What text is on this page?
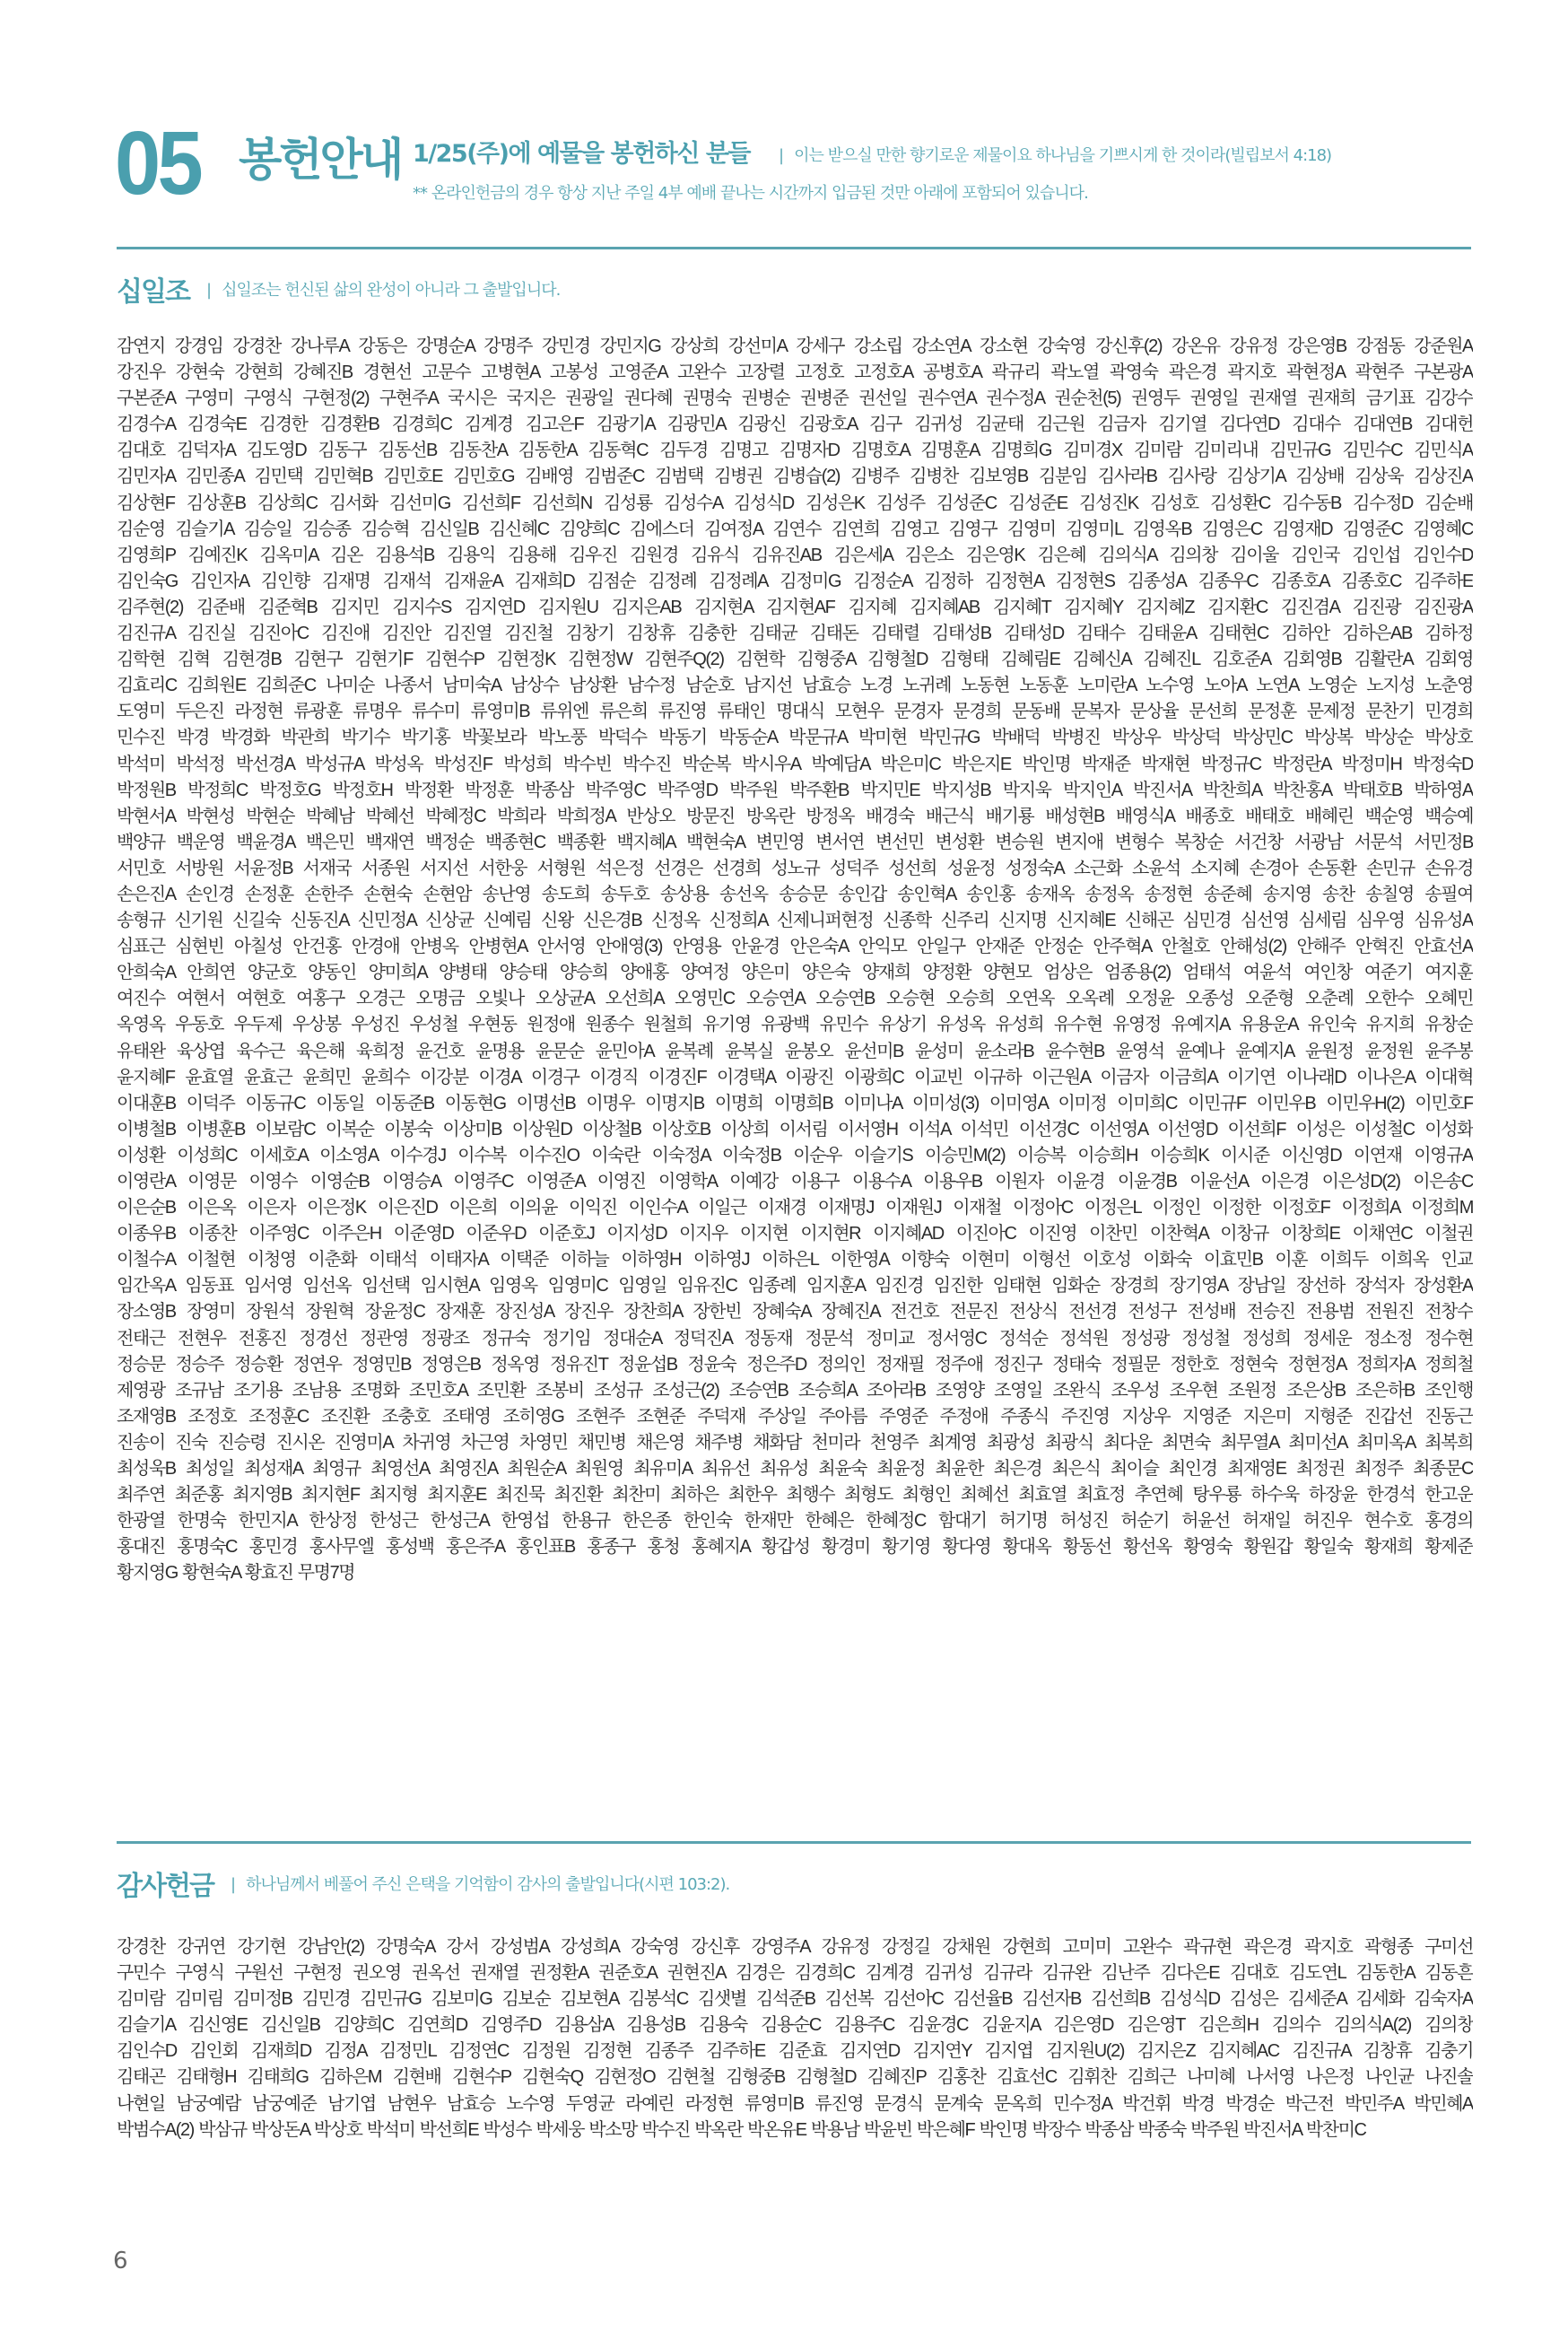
05 봉헌안내 1/25(주)에 예물을 봉헌하신 분들 | 이는 받으실 만한 향기로운 제물이요 하나님을 기쁘시게 한 것이라(빌립보서 4:18)
** 온라인헌금의 경우 항상 지난 주일 4부 예배 끝나는 시간까지 입금된 것만 아래에 포함되어 있습니다.
십일조 | 십일조는 헌신된 삶의 완성이 아니라 그 출발입니다.
감연지 강경임 강경찬 강나루A 강동은 강명순A 강명주 강민경 강민지G 강상희 강선미A 강세구 강소립 강소연A 강소현 강숙영 강신후(2) 강온유 강유정 강은영B 강점동 강준원A
강진우 강현숙 강현희 강혜진B 경현선 고문수 고병현A 고봉성 고영준A 고완수 고장렬 고정호 고정호A 공병호A 곽규리 곽노열 곽영숙 곽은경 곽지호 곽현정A 곽현주 구본광A
구본준A 구영미 구영식 구현정(2) 구현주A 국시은 국지은 권광일 권다혜 권명숙 권병순 권병준 권선일 권수연A 권수정A 권순천(5) 권영두 권영일 권재열 권재희 금기표 김강수
김경수A 김경숙E 김경한 김경환B 김경희C 김계경 김고은F 김광기A 김광민A 김광신 김광호A 김구 김귀성 김균태 김근원 김금자 김기열 김다연D 김대수 김대연B 김대헌
김대호 김덕자A 김도영D 김동구 김동선B 김동찬A 김동한A 김동혁C 김두경 김명고 김명자D 김명호A 김명훈A 김명희G 김미경X 김미람 김미리내 김민규G 김민수C 김민식A
김민자A 김민종A 김민택 김민혁B 김민호E 김민호G 김배영 김범준C 김범택 김병권 김병습(2) 김병주 김병찬 김보영B 김분임 김사라B 김사랑 김상기A 김상배 김상욱 김상진A
김상현F 김상훈B 김상희C 김서화 김선미G 김선희F 김선희N 김성룡 김성수A 김성식D 김성은K 김성주 김성준C 김성준E 김성진K 김성호 김성환C 김수동B 김수정D 김순배
김순영 김슬기A 김승일 김승종 김승혁 김신일B 김신혜C 김양희C 김에스더 김여정A 김연수 김연희 김영고 김영구 김영미 김영미L 김영옥B 김영은C 김영재D 김영준C 김영혜C
김영희P 김예진K 김옥미A 김온 김용석B 김용익 김용해 김우진 김원경 김유식 김유진AB 김은세A 김은소 김은영K 김은혜 김의식A 김의창 김이울 김인국 김인섭 김인수D
김인숙G 김인자A 김인향 김재명 김재석 김재윤A 김재희D 김점순 김정례 김정례A 김정미G 김정순A 김정하 김정현A 김정현S 김종성A 김종우C 김종호A 김종호C 김주하E
김주현(2) 김준배 김준혁B 김지민 김지수S 김지연D 김지원U 김지은AB 김지현A 김지현AF 김지혜 김지혜AB 김지혜T 김지혜Y 김지혜Z 김지환C 김진겸A 김진광 김진광A
김진규A 김진실 김진아C 김진애 김진안 김진열 김진철 김창기 김창휴 김충한 김태균 김태돈 김태렬 김태성B 김태성D 김태수 김태윤A 김태현C 김하안 김하은AB 김하정
김학현 김혁 김현경B 김현구 김현기F 김현수P 김현정K 김현정W 김현주Q(2) 김현학 김형중A 김형철D 김형태 김혜림E 김혜신A 김혜진L 김호준A 김회영B 김활란A 김회영
김효리C 김희원E 김희준C 나미순 나종서 남미숙A 남상수 남상환 남수정 남순호 남지선 남효승 노경 노귀례 노동현 노동훈 노미란A 노수영 노아A 노연A 노영순 노지성 노춘영
도영미 두은진 라정현 류광훈 류명우 류수미 류영미B 류위엔 류은희 류진영 류태인 명대식 모현우 문경자 문경희 문동배 문복자 문상율 문선희 문정훈 문제정 문찬기 민경희
민수진 박경 박경화 박관희 박기수 박기홍 박꽃보라 박노풍 박덕수 박동기 박동순A 박문규A 박미현 박민규G 박배덕 박병진 박상우 박상덕 박상민C 박상복 박상순 박상호
박석미 박석정 박선경A 박성규A 박성옥 박성진F 박성희 박수빈 박수진 박순복 박시우A 박예담A 박은미C 박은지E 박인명 박재준 박재현 박정규C 박정란A 박정미H 박정숙D
박정원B 박정희C 박정호G 박정호H 박정환 박정훈 박종삼 박주영C 박주영D 박주원 박주환B 박지민E 박지성B 박지욱 박지인A 박진서A 박찬희A 박찬홍A 박태호B 박하영A
박현서A 박현성 박현순 박혜남 박혜선 박혜정C 박희라 박희정A 반상오 방문진 방옥란 방정옥 배경숙 배근식 배기룡 배성현B 배영식A 배종호 배태호 배혜린 백순영 백승예
백양규 백운영 백윤경A 백은민 백재연 백정순 백종현C 백종환 백지혜A 백현숙A 변민영 변서연 변선민 변성환 변승원 변지애 변형수 복창순 서건창 서광남 서문석 서민정B
서민호 서방원 서윤정B 서재국 서종원 서지선 서한웅 서형원 석은정 선경은 선경희 성노규 성덕주 성선희 성윤정 성정숙A 소근화 소윤석 소지혜 손경아 손동환 손민규 손유경
손은진A 손인경 손정훈 손한주 손현숙 손현암 송난영 송도희 송두호 송상용 송선옥 송승문 송인갑 송인혁A 송인홍 송재옥 송정옥 송정현 송준혜 송지영 송찬 송칠영 송필여
송형규 신기원 신길숙 신동진A 신민정A 신상균 신예림 신왕 신은경B 신정옥 신정희A 신제니퍼현정 신종학 신주리 신지명 신지혜E 신해곤 심민경 심선영 심세림 심우영 심유성A
심표근 심현빈 아칠성 안건홍 안경애 안병옥 안병현A 안서영 안애영(3) 안영용 안윤경 안은숙A 안익모 안일구 안재준 안정순 안주혁A 안철호 안해성(2) 안해주 안혁진 안효선A
안희숙A 안희연 양군호 양동인 양미희A 양병태 양승태 양승희 양애홍 양여정 양은미 양은숙 양재희 양정환 양현모 엄상은 엄종용(2) 엄태석 여윤석 여인창 여준기 여지훈
여진수 여현서 여현호 여홍구 오경근 오명금 오빛나 오상균A 오선희A 오영민C 오승연A 오승연B 오승현 오승희 오연옥 오옥례 오정윤 오종성 오준형 오춘례 오한수 오혜민
옥영옥 우동호 우두제 우상봉 우성진 우성철 우현동 원정애 원종수 원철희 유기영 유광백 유민수 유상기 유성옥 유성희 유수현 유영정 유예지A 유용운A 유인숙 유지희 유창순
유태완 육상엽 육수근 육은해 육희정 윤건호 윤명용 윤문순 윤민아A 윤복례 윤복실 윤봉오 윤선미B 윤성미 윤소라B 윤수현B 윤영석 윤예나 윤예지A 윤원정 윤정원 윤주봉
윤지혜F 윤효열 윤효근 윤희민 윤희수 이강분 이경A 이경구 이경직 이경진F 이경택A 이광진 이광희C 이교빈 이규하 이근원A 이금자 이금희A 이기연 이나래D 이나은A 이대혁
이대훈B 이덕주 이동규C 이동일 이동준B 이동현G 이명선B 이명우 이명지B 이명희 이명희B 이미나A 이미성(3) 이미영A 이미정 이미희C 이민규F 이민우B 이민우H(2) 이민호F
이병철B 이병훈B 이보람C 이복순 이봉숙 이상미B 이상원D 이상철B 이상호B 이상희 이서림 이서영H 이석A 이석민 이선경C 이선영A 이선영D 이선희F 이성은 이성철C 이성화
이성환 이성희C 이세호A 이소영A 이수경J 이수복 이수진O 이숙란 이숙정A 이숙정B 이순우 이슬기S 이승민M(2) 이승복 이승희H 이승희K 이시준 이신영D 이연재 이영규A
이영란A 이영문 이영수 이영순B 이영승A 이영주C 이영준A 이영진 이영학A 이예강 이용구 이용수A 이용우B 이원자 이윤경 이윤경B 이윤선A 이은경 이은성D(2) 이은송C
이은순B 이은옥 이은자 이은정K 이은진D 이은희 이의윤 이익진 이인수A 이일근 이재경 이재명J 이재원J 이재철 이정아C 이정은L 이정인 이정한 이정호F 이정희A 이정희M
이종우B 이종찬 이주영C 이주은H 이준영D 이준우D 이준호J 이지성D 이지우 이지현 이지현R 이지혜AD 이진아C 이진영 이찬민 이찬혁A 이창규 이창희E 이채연C 이철권
이철수A 이철현 이청영 이춘화 이태석 이태자A 이택준 이하늘 이하영H 이하영J 이하은L 이한영A 이향숙 이현미 이형선 이호성 이화숙 이효민B 이훈 이희두 이희옥 인교
임간옥A 임동표 임서영 임선옥 임선택 임시현A 임영옥 임영미C 임영일 임유진C 임종례 임지훈A 임진경 임진한 임태현 임화순 장경희 장기영A 장남일 장선하 장석자 장성환A
장소영B 장영미 장원석 장원혁 장윤정C 장재훈 장진성A 장진우 장찬희A 장한빈 장혜숙A 장혜진A 전건호 전문진 전상식 전선경 전성구 전성배 전승진 전용범 전원진 전창수
전태근 전현우 전홍진 정경선 정관영 정광조 정규숙 정기임 정대순A 정덕진A 정동재 정문석 정미교 정서영C 정석순 정석원 정성광 정성철 정성희 정세운 정소정 정수현
정승문 정승주 정승환 정연우 정영민B 정영은B 정옥영 정유진T 정윤섭B 정윤숙 정은주D 정의인 정재필 정주애 정진구 정태숙 정필문 정한호 정현숙 정현정A 정희자A 정희철
제영광 조규남 조기용 조남용 조명화 조민호A 조민환 조봉비 조성규 조성근(2) 조승연B 조승희A 조아라B 조영양 조영일 조완식 조우성 조우현 조원정 조은상B 조은하B 조인행
조재영B 조정호 조정훈C 조진환 조충호 조태영 조히영G 조현주 조현준 주덕재 주상일 주아름 주영준 주정애 주종식 주진영 지상우 지영준 지은미 지형준 진갑선 진동근
진송이 진숙 진승령 진시온 진영미A 차귀영 차근영 차영민 채민병 채은영 채주병 채화담 천미라 천영주 최계영 최광성 최광식 최다운 최면숙 최무열A 최미선A 최미옥A 최복희
최성욱B 최성일 최성재A 최영규 최영선A 최영진A 최원순A 최원영 최유미A 최유선 최유성 최윤숙 최윤정 최윤한 최은경 최은식 최이슬 최인경 최재영E 최정권 최정주 최종문C
최주연 최준홍 최지영B 최지현F 최지형 최지훈E 최진묵 최진환 최찬미 최하은 최한우 최행수 최형도 최형인 최혜선 최효열 최효정 추연혜 탕우룡 하수욱 하장윤 한경석 한고운
한광열 한명숙 한민지A 한상정 한성근 한성근A 한영섭 한용규 한은종 한인숙 한재만 한혜은 한혜정C 함대기 허기명 허성진 허순기 허윤선 허재일 허진우 현수호 홍경의
홍대진 홍명숙C 홍민경 홍사무엘 홍성백 홍은주A 홍인표B 홍종구 홍청 홍혜지A 황갑성 황경미 황기영 황다영 황대옥 황동선 황선옥 황영숙 황원갑 황일숙 황재희 황제준
황지영G 황현숙A 황효진 무명7명
감사헌금 | 하나님께서 베풀어 주신 은택을 기억함이 감사의 출발입니다(시편 103:2).
강경찬 강귀연 강기현 강남안(2) 강명숙A 강서 강성범A 강성희A 강숙영 강신후 강영주A 강유정 강정길 강채원 강현희 고미미 고완수 곽규현 곽은경 곽지호 곽형종 구미선
구민수 구영식 구원선 구현정 권오영 권옥선 권재열 권정환A 권준호A 권현진A 김경은 김경희C 김계경 김귀성 김규라 김규완 김난주 김다은E 김대호 김도연L 김동한A 김동흔
김미람 김미림 김미정B 김민경 김민규G 김보미G 김보순 김보현A 김봉석C 김샛별 김석준B 김선복 김선아C 김선율B 김선자B 김선희B 김성식D 김성은 김세준A 김세화 김숙자A
김슬기A 김신영E 김신일B 김양희C 김연희D 김영주D 김용삼A 김용성B 김용숙 김용순C 김용주C 김윤경C 김윤지A 김은영D 김은영T 김은희H 김의수 김의식A(2) 김의창
김인수D 김인회 김재희D 김정A 김정민L 김정연C 김정원 김정현 김종주 김주하E 김준효 김지연D 김지연Y 김지엽 김지원U(2) 김지은Z 김지혜AC 김진규A 김창휴 김충기
김태곤 김태형H 김태희G 김하은M 김현배 김현수P 김현숙Q 김현정O 김현철 김형중B 김형철D 김혜진P 김홍찬 김효선C 김휘찬 김희근 나미혜 나서영 나은정 나인균 나진솔
나현일 남궁예람 남궁예준 남기엽 남현우 남효승 노수영 두영균 라예린 라정현 류영미B 류진영 문경식 문계숙 문옥희 민수정A 박건휘 박경 박경순 박근전 박민주A 박민혜A
박범수A(2) 박삼규 박상돈A 박상호 박석미 박선희E 박성수 박세웅 박소망 박수진 박옥란 박온유E 박용남 박윤빈 박은혜F 박인명 박장수 박종삼 박종숙 박주원 박진서A 박찬미C
6
